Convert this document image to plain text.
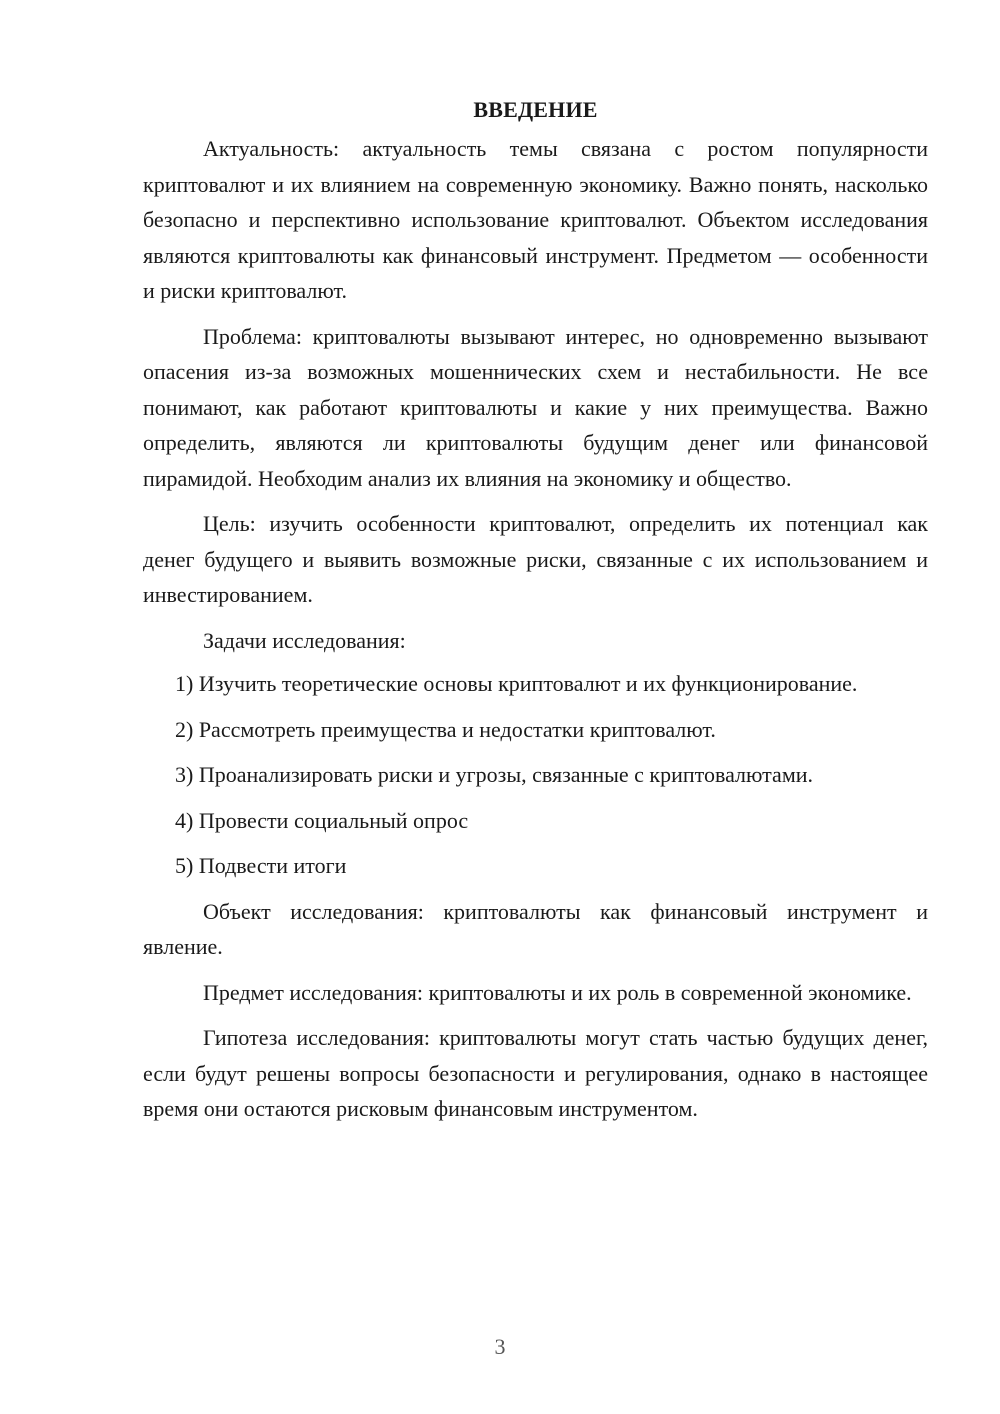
ВВЕДЕНИЕ

Актуальность: актуальность темы связана с ростом популярности криптовалют и их влиянием на современную экономику. Важно понять, насколько безопасно и перспективно использование криптовалют. Объектом исследования являются криптовалюты как финансовый инструмент. Предметом — особенности и риски криптовалют.

Проблема: криптовалюты вызывают интерес, но одновременно вызывают опасения из-за возможных мошеннических схем и нестабильности. Не все понимают, как работают криптовалюты и какие у них преимущества. Важно определить, являются ли криптовалюты будущим денег или финансовой пирамидой. Необходим анализ их влияния на экономику и общество.

Цель: изучить особенности криптовалют, определить их потенциал как денег будущего и выявить возможные риски, связанные с их использованием и инвестированием.

Задачи исследования:

1) Изучить теоретические основы криптовалют и их функционирование.

2) Рассмотреть преимущества и недостатки криптовалют.

3) Проанализировать риски и угрозы, связанные с криптовалютами.

4) Провести социальный опрос

5) Подвести итоги

Объект исследования: криптовалюты как финансовый инструмент и явление.

Предмет исследования: криптовалюты и их роль в современной экономике.

Гипотеза исследования: криптовалюты могут стать частью будущих денег, если будут решены вопросы безопасности и регулирования, однако в настоящее время они остаются рисковым финансовым инструментом.

3
